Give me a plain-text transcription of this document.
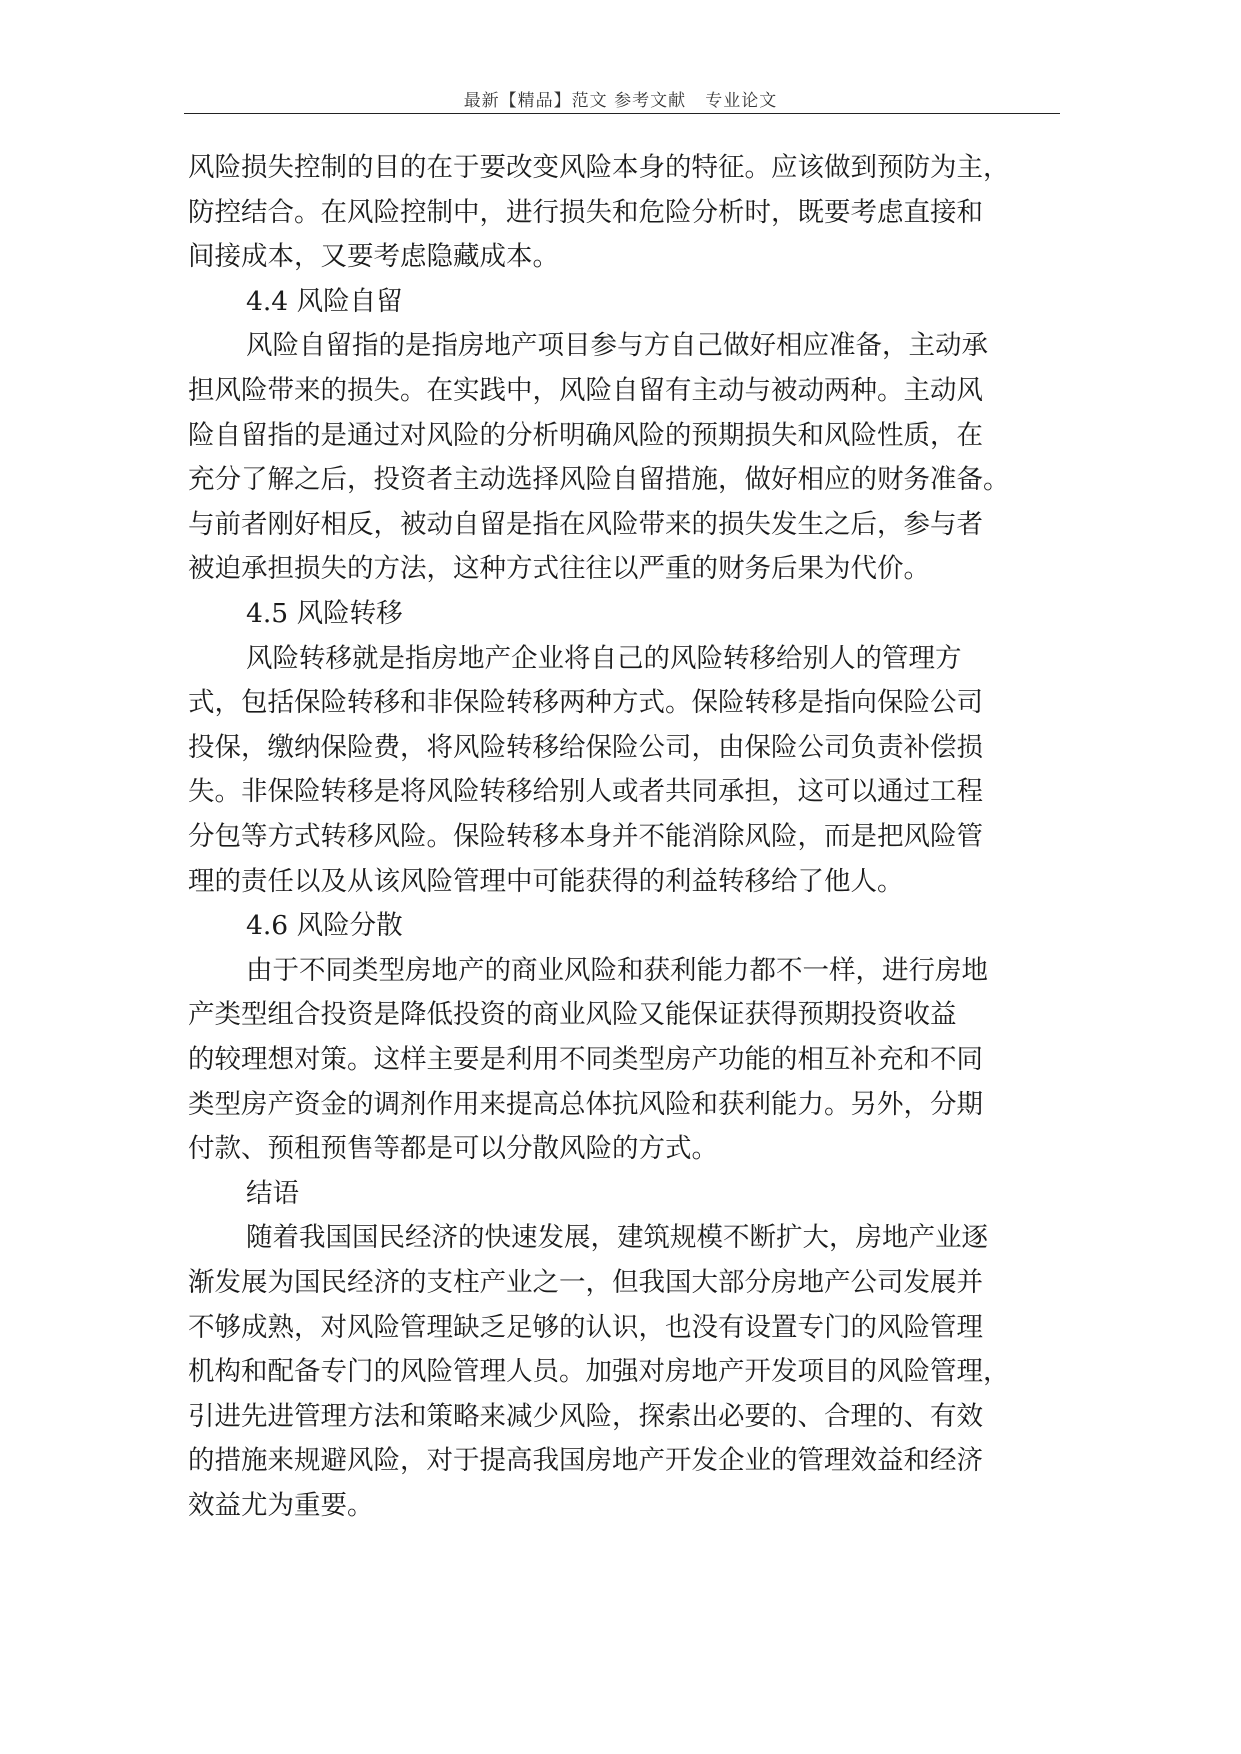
最新【精品】范文 参考文献   专业论文
风险损失控制的目的在于要改变风险本身的特征。应该做到预防为主，
防控结合。在风险控制中，进行损失和危险分析时，既要考虑直接和
间接成本，又要考虑隐藏成本。
4.4 风险自留
风险自留指的是指房地产项目参与方自己做好相应准备，主动承
担风险带来的损失。在实践中，风险自留有主动与被动两种。主动风
险自留指的是通过对风险的分析明确风险的预期损失和风险性质，在
充分了解之后，投资者主动选择风险自留措施，做好相应的财务准备。
与前者刚好相反，被动自留是指在风险带来的损失发生之后，参与者
被迫承担损失的方法，这种方式往往以严重的财务后果为代价。
4.5 风险转移
风险转移就是指房地产企业将自己的风险转移给别人的管理方
式，包括保险转移和非保险转移两种方式。保险转移是指向保险公司
投保，缴纳保险费，将风险转移给保险公司，由保险公司负责补偿损
失。非保险转移是将风险转移给别人或者共同承担，这可以通过工程
分包等方式转移风险。保险转移本身并不能消除风险，而是把风险管
理的责任以及从该风险管理中可能获得的利益转移给了他人。
4.6 风险分散
由于不同类型房地产的商业风险和获利能力都不一样，进行房地
产类型组合投资是降低投资的商业风险又能保证获得预期投资收益
的较理想对策。这样主要是利用不同类型房产功能的相互补充和不同
类型房产资金的调剂作用来提高总体抗风险和获利能力。另外，分期
付款、预租预售等都是可以分散风险的方式。
结语
随着我国国民经济的快速发展，建筑规模不断扩大，房地产业逐
渐发展为国民经济的支柱产业之一，但我国大部分房地产公司发展并
不够成熟，对风险管理缺乏足够的认识，也没有设置专门的风险管理
机构和配备专门的风险管理人员。加强对房地产开发项目的风险管理，
引进先进管理方法和策略来减少风险，探索出必要的、合理的、有效
的措施来规避风险，对于提高我国房地产开发企业的管理效益和经济
效益尤为重要。
